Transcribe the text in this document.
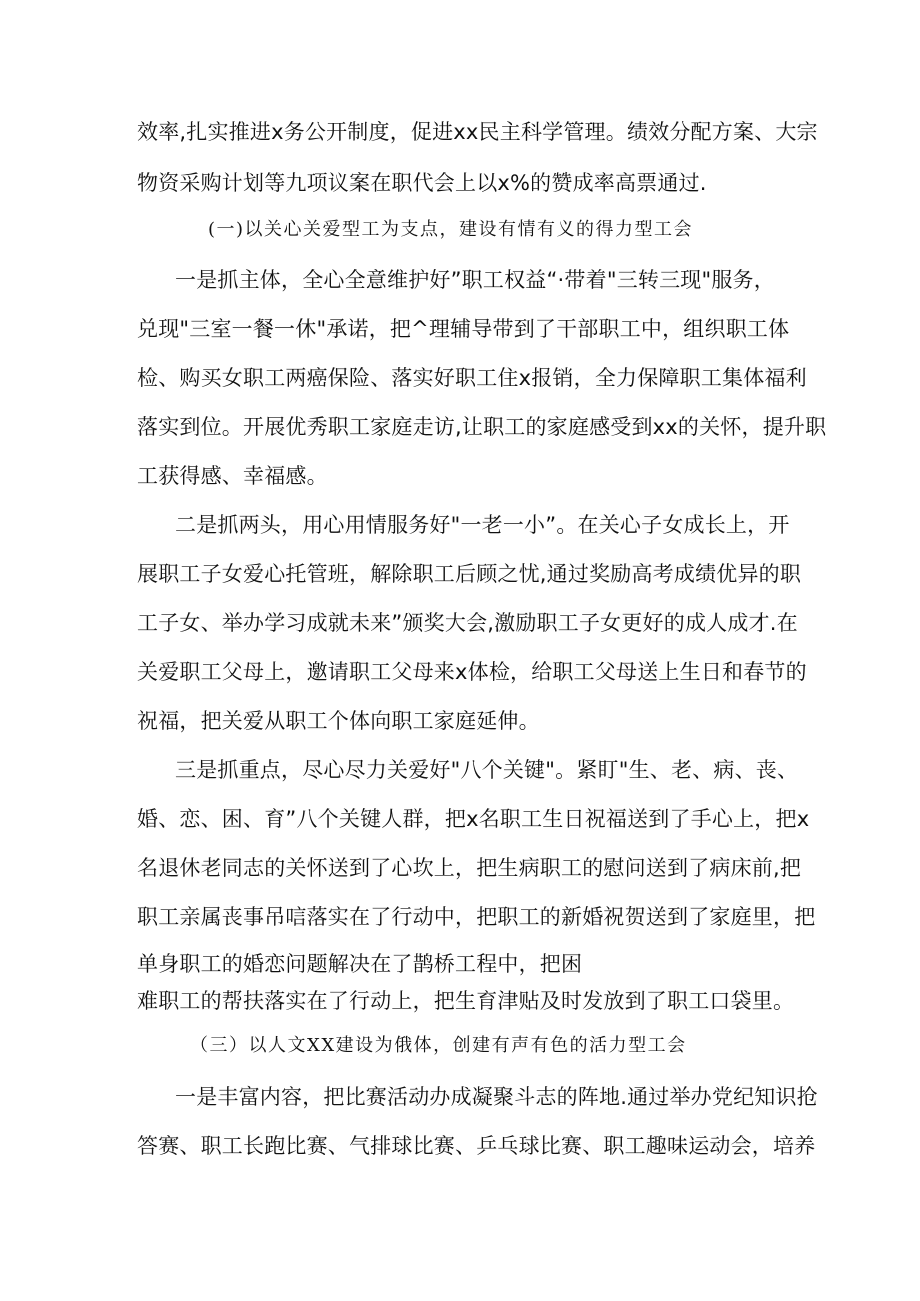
效率,扎实推进x务公开制度，促进xx民主科学管理。绩效分配方案、大宗
物资采购计划等九项议案在职代会上以x%的赞成率高票通过.
(一)以关心关爱型工为支点，建设有情有义的得力型工会
一是抓主体，全心全意维护好”职工权益“·带着"三转三现"服务，
兑现"三室一餐一休"承诺，把^理辅导带到了干部职工中，组织职工体
检、购买女职工两癌保险、落实好职工住x报销，全力保障职工集体福利
落实到位。开展优秀职工家庭走访,让职工的家庭感受到xx的关怀，提升职
工获得感、幸福感。
二是抓两头，用心用情服务好"一老一小”。在关心子女成长上，开
展职工子女爱心托管班，解除职工后顾之忧,通过奖励高考成绩优异的职
工子女、举办学习成就未来”颁奖大会,激励职工子女更好的成人成才.在
关爱职工父母上，邀请职工父母来x体检，给职工父母送上生日和春节的
祝福，把关爱从职工个体向职工家庭延伸。
三是抓重点，尽心尽力关爱好"八个关键"。紧盯"生、老、病、丧、
婚、恋、困、育”八个关键人群，把x名职工生日祝福送到了手心上，把x
名退休老同志的关怀送到了心坎上，把生病职工的慰问送到了病床前,把
职工亲属丧事吊唁落实在了行动中，把职工的新婚祝贺送到了家庭里，把
单身职工的婚恋问题解决在了鹊桥工程中，把困
难职工的帮扶落实在了行动上，把生育津贴及时发放到了职工口袋里。
（三）以人文XX建设为俄体，创建有声有色的活力型工会
一是丰富内容，把比赛活动办成凝聚斗志的阵地.通过举办党纪知识抢
答赛、职工长跑比赛、气排球比赛、乒乓球比赛、职工趣味运动会，培养
